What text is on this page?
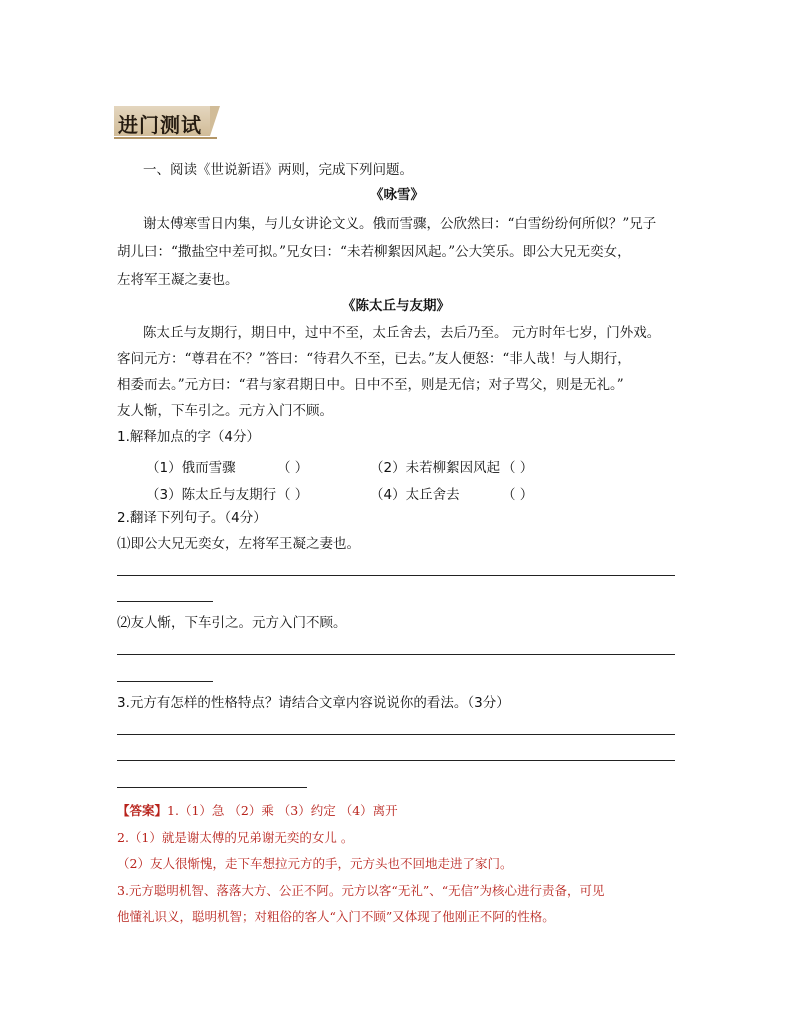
进门测试
一、阅读《世说新语》两则，完成下列问题。
《咏雪》
谢太傅寒雪日内集，与儿女讲论文义。俄而雪骤，公欣然曰：“白雪纷纷何所似？”兄子
胡儿曰：“撒盐空中差可拟。”兄女曰：“未若柳絮因风起。”公大笑乐。即公大兄无奕女，
左将军王凝之妻也。
《陈太丘与友期》
陈太丘与友期行，期日中，过中不至，太丘舍去，去后乃至。 元方时年七岁，门外戏。
客问元方：“尊君在不？”答曰：“待君久不至，已去。”友人便怒：“非人哉！与人期行，
相委而去。”元方曰：“君与家君期日中。日中不至，则是无信；对子骂父，则是无礼。”
友人惭，下车引之。元方入门不顾。
1.解释加点的字（4分）
（1）俄而雪骤	（ ）	（2）未若柳絮因风起 （ ）
（3）陈太丘与友期行 （ ）	（4）太丘舍去	（ ）
2.翻译下列句子。（4分）
⑴即公大兄无奕女，左将军王凝之妻也。
⑵友人惭，下车引之。元方入门不顾。
3.元方有怎样的性格特点？请结合文章内容说说你的看法。（3分）
【答案】1.（1）急 （2）乘 （3）约定 （4）离开
2.（1）就是谢太傅的兄弟谢无奕的女儿 。
（2）友人很惭愧，走下车想拉元方的手，元方头也不回地走进了家门。
3.元方聪明机智、落落大方、公正不阿。元方以客“无礼”、“无信”为核心进行责备，可见
他懂礼识义，聪明机智；对粗俗的客人“入门不顾”又体现了他刚正不阿的性格。
